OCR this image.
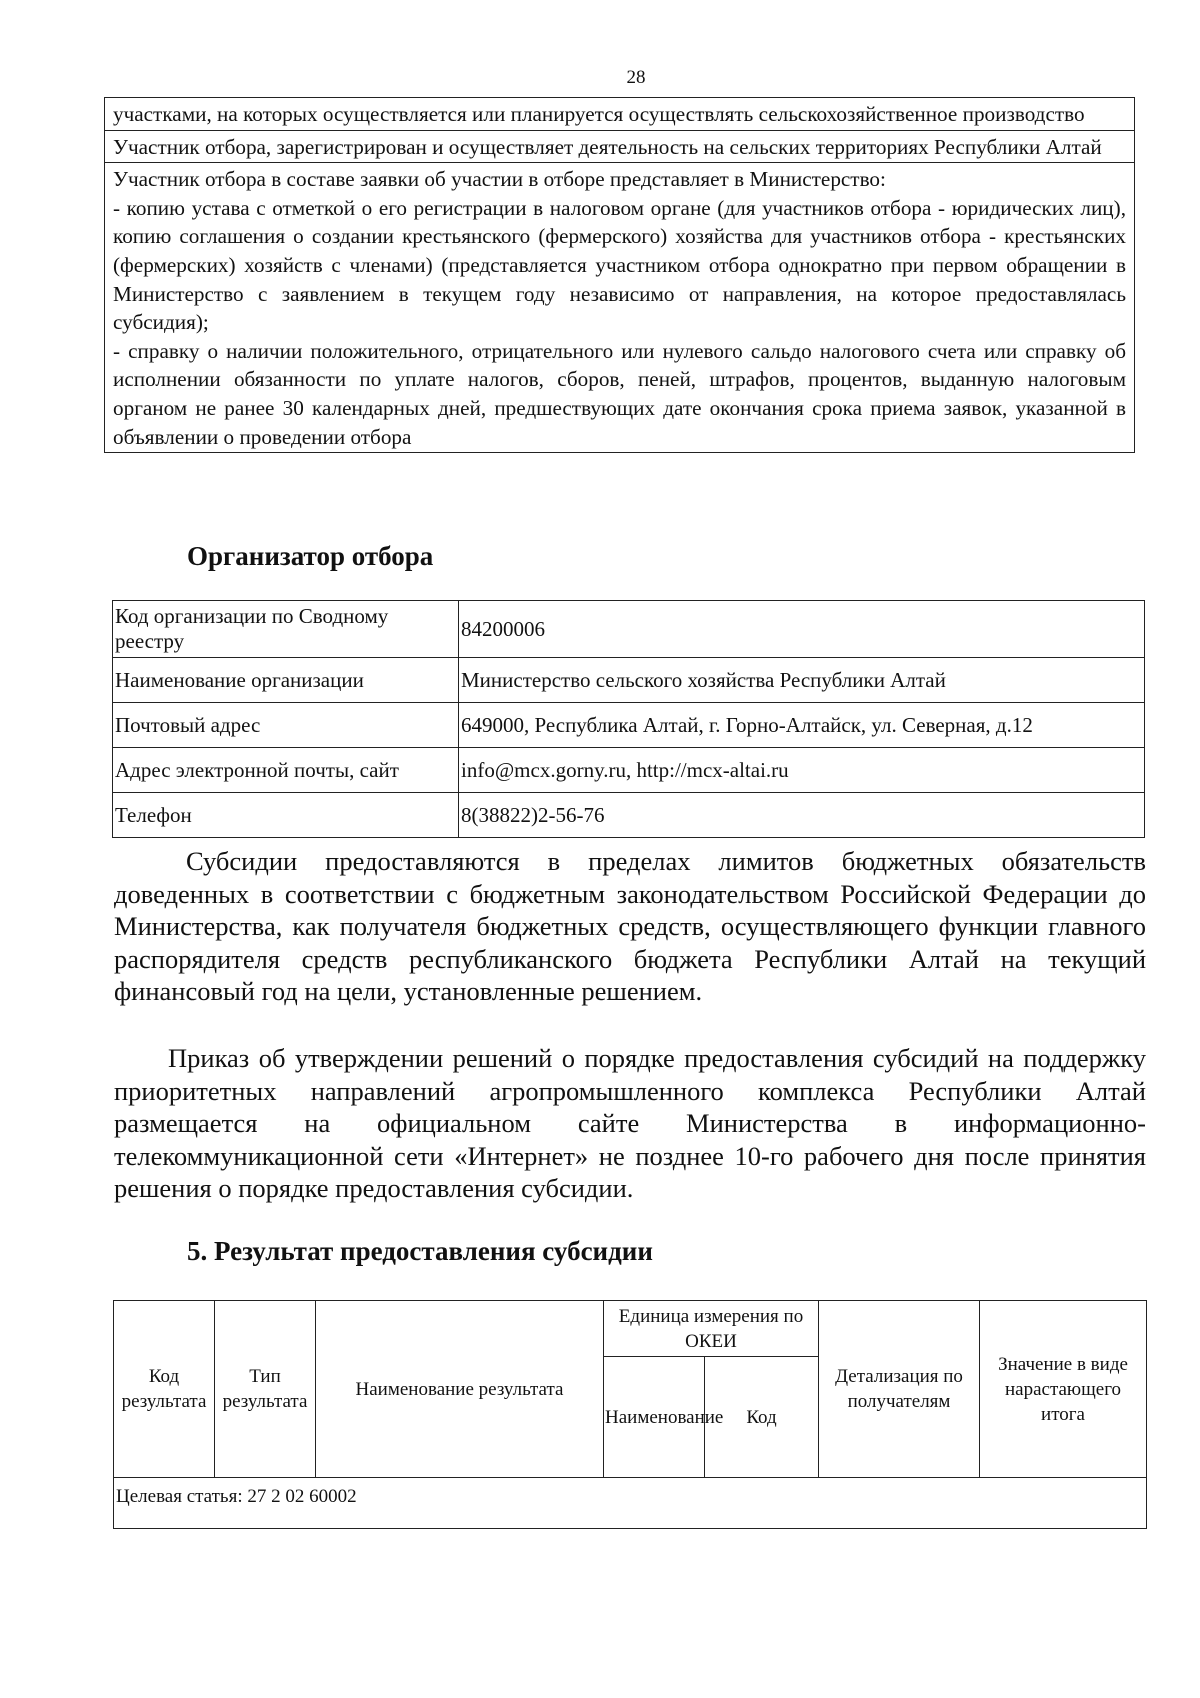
28

участками, на которых осуществляется или планируется осуществлять сельскохозяйственное производство

Участник отбора, зарегистрирован и осуществляет деятельность на сельских территориях Республики Алтай

Участник отбора в составе заявки об участии в отборе представляет в Министерство:

- копию устава с отметкой о его регистрации в налоговом органе (для участников отбора - юридических лиц), копию соглашения о создании крестьянского (фермерского) хозяйства для участников отбора - крестьянских (фермерских) хозяйств с членами) (представляется участником отбора однократно при первом обращении в Министерство с заявлением в текущем году независимо от направления, на которое предоставлялась субсидия);

- справку о наличии положительного, отрицательного или нулевого сальдо налогового счета или справку об исполнении обязанности по уплате налогов, сборов, пеней, штрафов, процентов, выданную налоговым органом не ранее 30 календарных дней, предшествующих дате окончания срока приема заявок, указанной в объявлении о проведении отбора

Организатор отбора
Код организации по Сводному реестру	84200006
Наименование организации	Министерство сельского хозяйства Республики Алтай
Почтовый адрес	649000, Республика Алтай, г. Горно-Алтайск, ул. Северная, д.12
Адрес электронной почты, сайт	info@mcx.gorny.ru, http://mcx-altai.ru
Телефон	8(38822)2-56-76

Субсидии предоставляются в пределах лимитов бюджетных обязательств доведенных в соответствии с бюджетным законодательством Российской Федерации до Министерства, как получателя бюджетных средств, осуществляющего функции главного распорядителя средств республиканского бюджета Республики Алтай на текущий финансовый год на цели, установленные решением.

Приказ об утверждении решений о порядке предоставления субсидий на поддержку приоритетных направлений агропромышленного комплекса Республики Алтай размещается на официальном сайте Министерства в информационно-телекоммуникационной сети «Интернет» не позднее 10-го рабочего дня после принятия решения о порядке предоставления субсидии.

5. Результат предоставления субсидии
Код результата	Тип результата	Наименование результата	Единица измерения по ОКЕИ		Детализация по получателям	Значение в виде нарастающего итога
			Наименование	Код		
Целевая статья: 27 2 02 60002						
